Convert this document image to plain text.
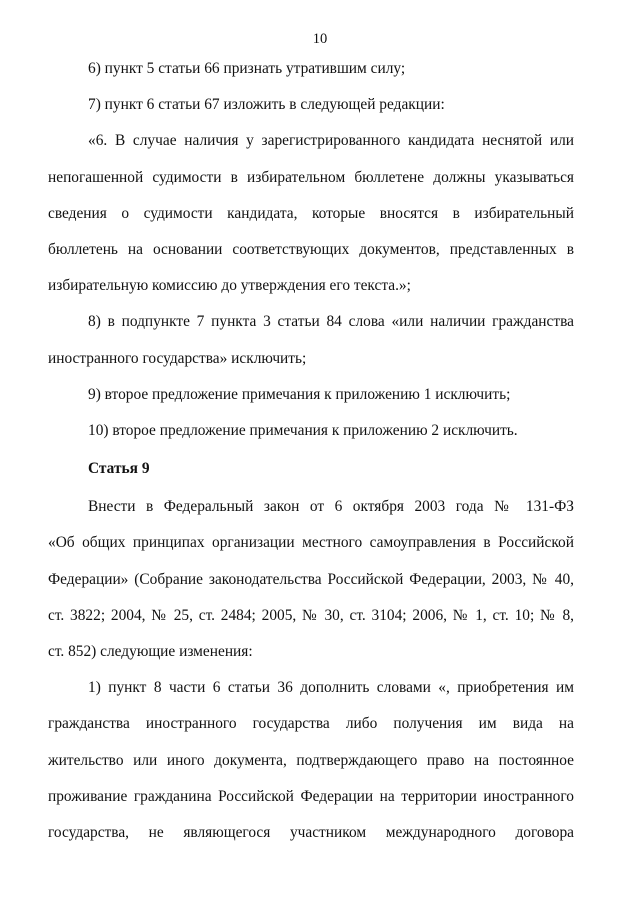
10
6) пункт 5 статьи 66 признать утратившим силу;
7) пункт 6 статьи 67 изложить в следующей редакции:
«6. В случае наличия у зарегистрированного кандидата неснятой или
непогашенной судимости в избирательном бюллетене должны указываться
сведения о судимости кандидата, которые вносятся в избирательный
бюллетень на основании соответствующих документов, представленных в
избирательную комиссию до утверждения его текста.»;
8) в подпункте 7 пункта 3 статьи 84 слова «или наличии гражданства
иностранного государства» исключить;
9) второе предложение примечания к приложению 1 исключить;
10) второе предложение примечания к приложению 2 исключить.
Статья 9
Внести в Федеральный закон от 6 октября 2003 года № 131-ФЗ
«Об общих принципах организации местного самоуправления в Российской
Федерации» (Собрание законодательства Российской Федерации, 2003, № 40,
ст. 3822; 2004, № 25, ст. 2484; 2005, № 30, ст. 3104; 2006, № 1, ст. 10; № 8,
ст. 852) следующие изменения:
1) пункт 8 части 6 статьи 36 дополнить словами «, приобретения им
гражданства иностранного государства либо получения им вида на
жительство или иного документа, подтверждающего право на постоянное
проживание гражданина Российской Федерации на территории иностранного
государства, не являющегося участником международного договора
